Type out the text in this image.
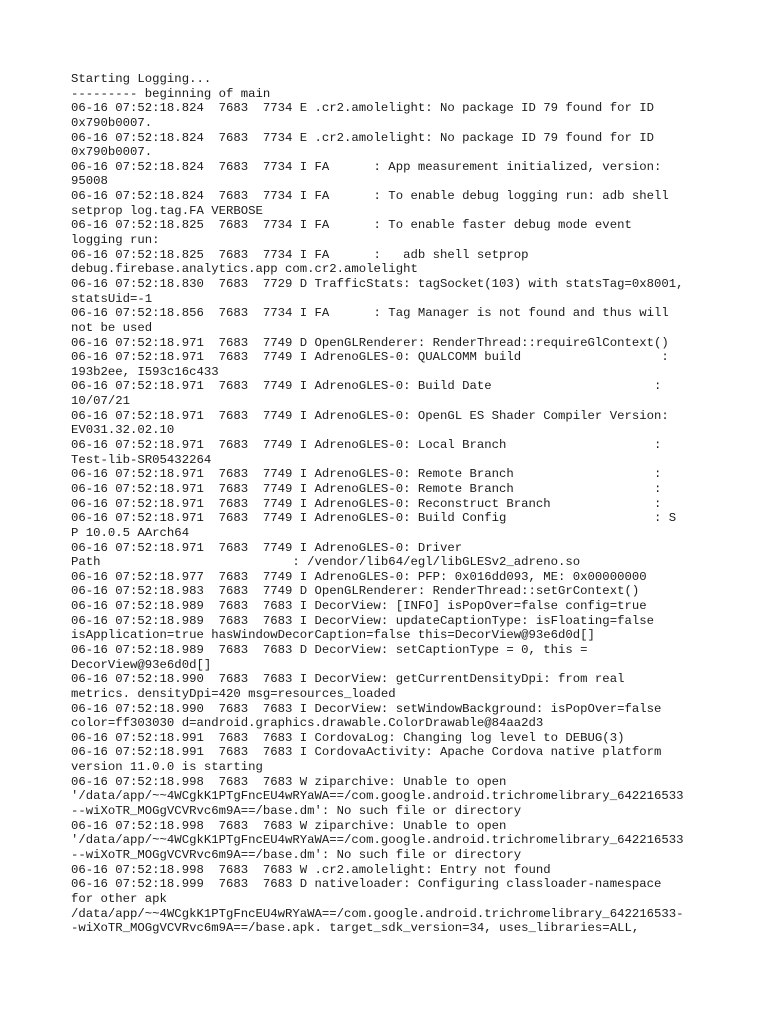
Starting Logging...
--------- beginning of main
06-16 07:52:18.824  7683  7734 E .cr2.amolelight: No package ID 79 found for ID
0x790b0007.
06-16 07:52:18.824  7683  7734 E .cr2.amolelight: No package ID 79 found for ID
0x790b0007.
06-16 07:52:18.824  7683  7734 I FA      : App measurement initialized, version:
95008
06-16 07:52:18.824  7683  7734 I FA      : To enable debug logging run: adb shell
setprop log.tag.FA VERBOSE
06-16 07:52:18.825  7683  7734 I FA      : To enable faster debug mode event
logging run:
06-16 07:52:18.825  7683  7734 I FA      :   adb shell setprop
debug.firebase.analytics.app com.cr2.amolelight
06-16 07:52:18.830  7683  7729 D TrafficStats: tagSocket(103) with statsTag=0x8001,
statsUid=-1
06-16 07:52:18.856  7683  7734 I FA      : Tag Manager is not found and thus will
not be used
06-16 07:52:18.971  7683  7749 D OpenGLRenderer: RenderThread::requireGlContext()
06-16 07:52:18.971  7683  7749 I AdrenoGLES-0: QUALCOMM build                   :
193b2ee, I593c16c433
06-16 07:52:18.971  7683  7749 I AdrenoGLES-0: Build Date                      :
10/07/21
06-16 07:52:18.971  7683  7749 I AdrenoGLES-0: OpenGL ES Shader Compiler Version:
EV031.32.02.10
06-16 07:52:18.971  7683  7749 I AdrenoGLES-0: Local Branch                    :
Test-lib-SR05432264
06-16 07:52:18.971  7683  7749 I AdrenoGLES-0: Remote Branch                   :
06-16 07:52:18.971  7683  7749 I AdrenoGLES-0: Remote Branch                   :
06-16 07:52:18.971  7683  7749 I AdrenoGLES-0: Reconstruct Branch              :
06-16 07:52:18.971  7683  7749 I AdrenoGLES-0: Build Config                    : S
P 10.0.5 AArch64
06-16 07:52:18.971  7683  7749 I AdrenoGLES-0: Driver
Path                          : /vendor/lib64/egl/libGLESv2_adreno.so
06-16 07:52:18.977  7683  7749 I AdrenoGLES-0: PFP: 0x016dd093, ME: 0x00000000
06-16 07:52:18.983  7683  7749 D OpenGLRenderer: RenderThread::setGrContext()
06-16 07:52:18.989  7683  7683 I DecorView: [INFO] isPopOver=false config=true
06-16 07:52:18.989  7683  7683 I DecorView: updateCaptionType: isFloating=false
isApplication=true hasWindowDecorCaption=false this=DecorView@93e6d0d[]
06-16 07:52:18.989  7683  7683 D DecorView: setCaptionType = 0, this =
DecorView@93e6d0d[]
06-16 07:52:18.990  7683  7683 I DecorView: getCurrentDensityDpi: from real
metrics. densityDpi=420 msg=resources_loaded
06-16 07:52:18.990  7683  7683 I DecorView: setWindowBackground: isPopOver=false
color=ff303030 d=android.graphics.drawable.ColorDrawable@84aa2d3
06-16 07:52:18.991  7683  7683 I CordovaLog: Changing log level to DEBUG(3)
06-16 07:52:18.991  7683  7683 I CordovaActivity: Apache Cordova native platform
version 11.0.0 is starting
06-16 07:52:18.998  7683  7683 W ziparchive: Unable to open
'/data/app/~~4WCgkK1PTgFncEU4wRYaWA==/com.google.android.trichromelibrary_642216533
--wiXoTR_MOGgVCVRvc6m9A==/base.dm': No such file or directory
06-16 07:52:18.998  7683  7683 W ziparchive: Unable to open
'/data/app/~~4WCgkK1PTgFncEU4wRYaWA==/com.google.android.trichromelibrary_642216533
--wiXoTR_MOGgVCVRvc6m9A==/base.dm': No such file or directory
06-16 07:52:18.998  7683  7683 W .cr2.amolelight: Entry not found
06-16 07:52:18.999  7683  7683 D nativeloader: Configuring classloader-namespace
for other apk
/data/app/~~4WCgkK1PTgFncEU4wRYaWA==/com.google.android.trichromelibrary_642216533-
-wiXoTR_MOGgVCVRvc6m9A==/base.apk. target_sdk_version=34, uses_libraries=ALL,
